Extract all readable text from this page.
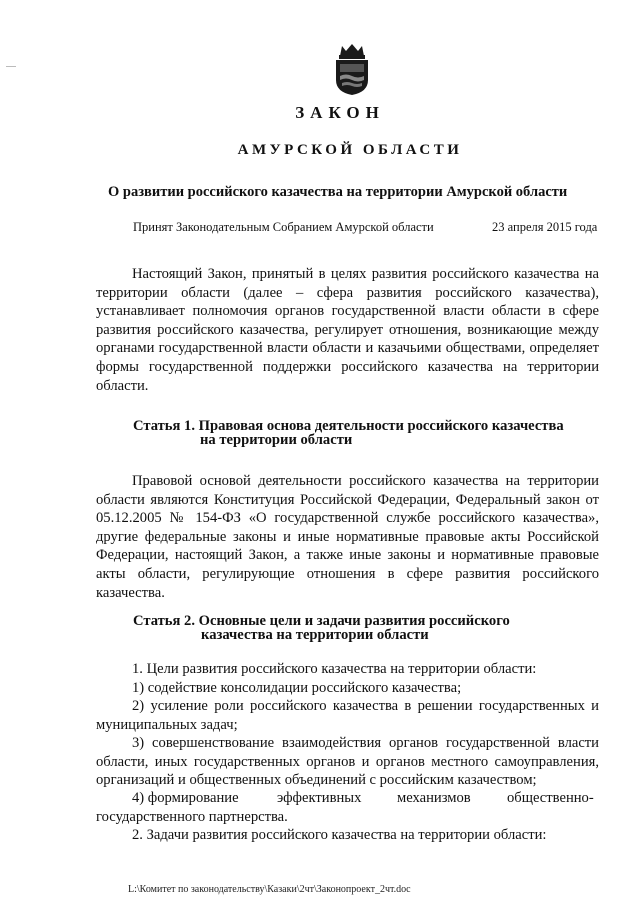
ЗАКОН
АМУРСКОЙ ОБЛАСТИ
О развитии российского казачества на территории Амурской области
Принят Законодательным Собранием Амурской области	23 апреля 2015 года
Настоящий Закон, принятый в целях развития российского казачества на территории области (далее – сфера развития российского казачества), устанавливает полномочия органов государственной власти области в сфере развития российского казачества, регулирует отношения, возникающие между органами государственной власти области и казачьими обществами, определяет формы государственной поддержки российского казачества на территории области.
Статья 1. Правовая основа деятельности российского казачества
на территории области
Правовой основой деятельности российского казачества на территории области являются Конституция Российской Федерации, Федеральный закон от 05.12.2005 № 154-ФЗ «О государственной службе российского казачества», другие федеральные законы и иные нормативные правовые акты Российской Федерации, настоящий Закон, а также иные законы и нормативные правовые акты области, регулирующие отношения в сфере развития российского казачества.
Статья 2. Основные цели и задачи развития российского
казачества на территории области
1. Цели развития российского казачества на территории области:
1) содействие консолидации российского казачества;
2) усиление роли российского казачества в решении государственных и муниципальных задач;
3) совершенствование взаимодействия органов государственной власти области, иных государственных органов и органов местного самоуправления, организаций и общественных объединений с российским казачеством;
4) формирование	эффективных механизмов общественно-
государственного партнерства.
2. Задачи развития российского казачества на территории области:
L:\Комитет по законодательству\Казаки\2чт\Законопроект_2чт.doc
